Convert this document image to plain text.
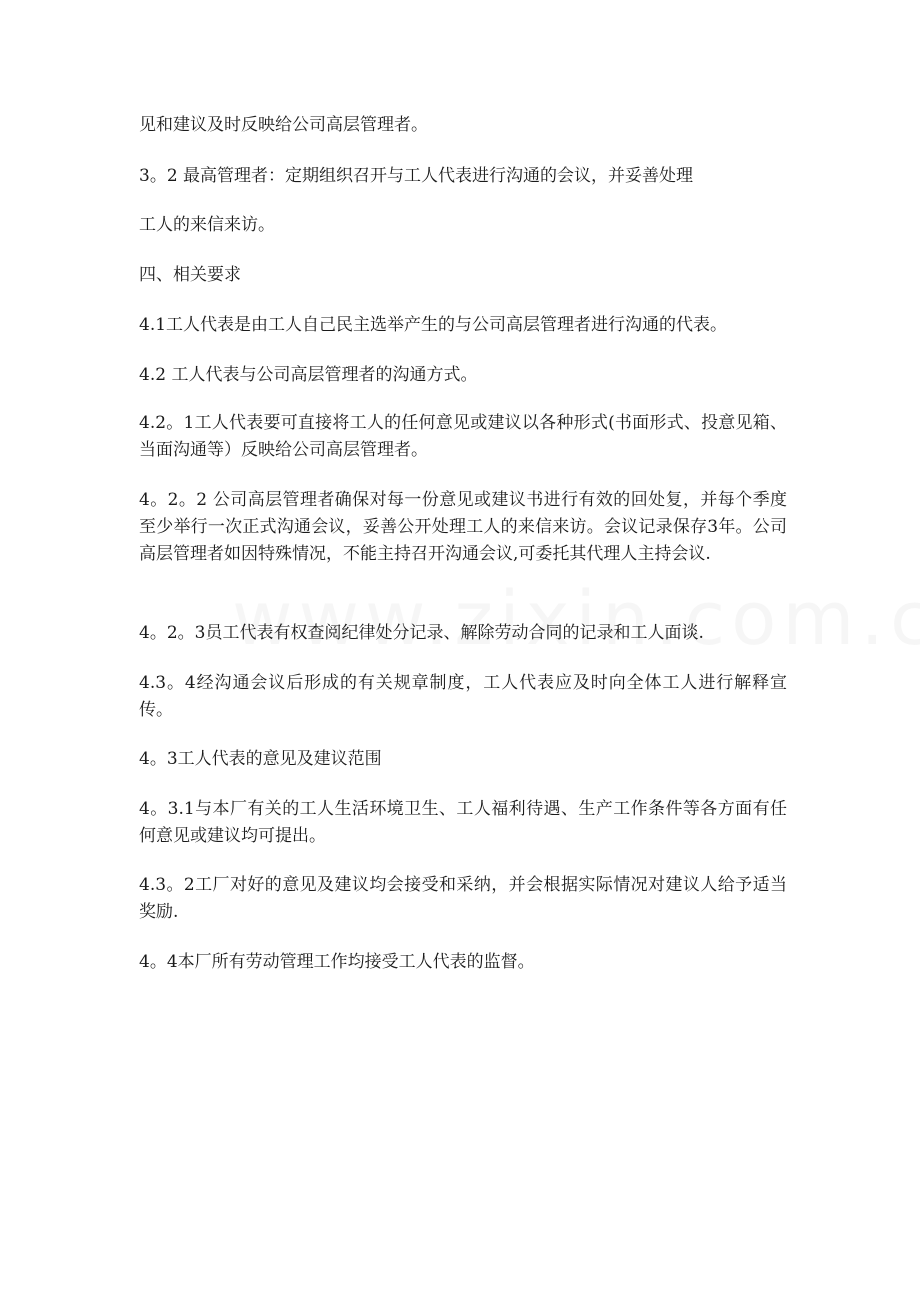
见和建议及时反映给公司高层管理者。

3。2 最高管理者：定期组织召开与工人代表进行沟通的会议，并妥善处理

工人的来信来访。

四、相关要求

4.1工人代表是由工人自己民主选举产生的与公司高层管理者进行沟通的代表。

4.2 工人代表与公司高层管理者的沟通方式。

4.2。1工人代表要可直接将工人的任何意见或建议以各种形式(书面形式、投意见箱、当面沟通等）反映给公司高层管理者。

4。2。2 公司高层管理者确保对每一份意见或建议书进行有效的回处复，并每个季度至少举行一次正式沟通会议，妥善公开处理工人的来信来访。会议记录保存3年。公司高层管理者如因特殊情况，不能主持召开沟通会议,可委托其代理人主持会议.

4。2。3员工代表有权查阅纪律处分记录、解除劳动合同的记录和工人面谈.

4.3。4经沟通会议后形成的有关规章制度，工人代表应及时向全体工人进行解释宣传。

4。3工人代表的意见及建议范围

4。3.1与本厂有关的工人生活环境卫生、工人福利待遇、生产工作条件等各方面有任何意见或建议均可提出。

4.3。2工厂对好的意见及建议均会接受和采纳，并会根据实际情况对建议人给予适当奖励.

4。4本厂所有劳动管理工作均接受工人代表的监督。
